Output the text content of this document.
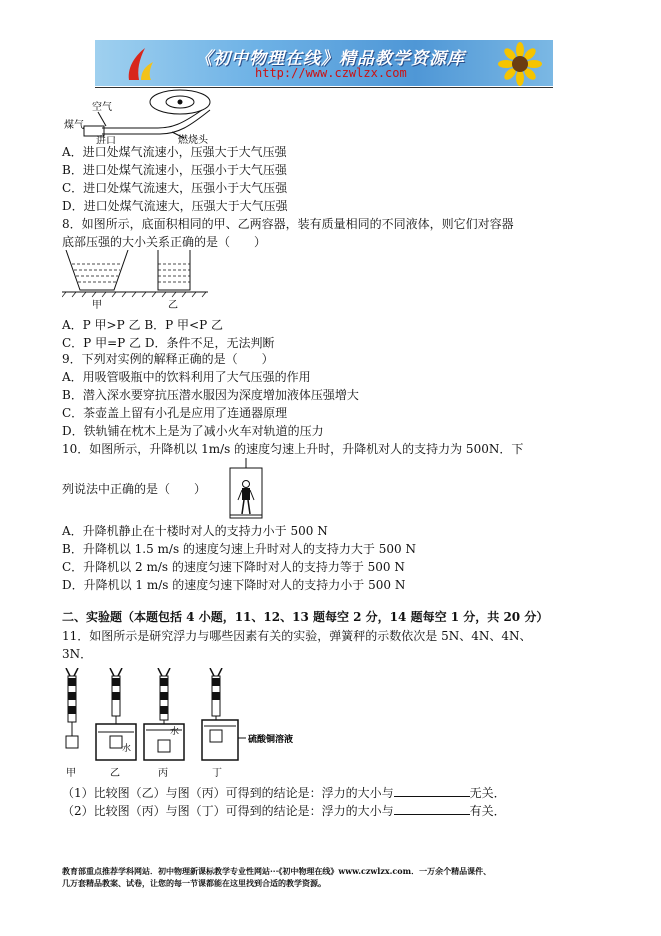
《初中物理在线》精品教学资源库
http://www.czwlzx.com
空气
煤气
进口	燃烧头
A．进口处煤气流速小，压强大于大气压强
B．进口处煤气流速小，压强小于大气压强
C．进口处煤气流速大，压强小于大气压强
D．进口处煤气流速大，压强大于大气压强
8．如图所示，底面积相同的甲、乙两容器，装有质量相同的不同液体，则它们对容器
底部压强的大小关系正确的是（　　）
甲	乙
A．P 甲>P 乙 B．P 甲<P 乙
C．P 甲=P 乙 D．条件不足，无法判断
9．下列对实例的解释正确的是（　　）
A．用吸管吸瓶中的饮料利用了大气压强的作用
B．潜入深水要穿抗压潜水服因为深度增加液体压强增大
C．茶壶盖上留有小孔是应用了连通器原理
D．铁轨铺在枕木上是为了减小火车对轨道的压力
10．如图所示，升降机以 1m/s 的速度匀速上升时，升降机对人的支持力为 500N．下
列说法中正确的是（　　）
A．升降机静止在十楼时对人的支持力小于 500 N
B．升降机以 1.5 m/s 的速度匀速上升时对人的支持力大于 500 N
C．升降机以 2 m/s 的速度匀速下降时对人的支持力等于 500 N
D．升降机以 1 m/s 的速度匀速下降时对人的支持力小于 500 N
二、实验题（本题包括 4 小题，11、12、13 题每空 2 分，14 题每空 1 分，共 20 分）
11．如图所示是研究浮力与哪些因素有关的实验，弹簧秤的示数依次是 5N、4N、4N、
3N．
水
水
硫酸铜溶液
甲	乙	丙	丁
（1）比较图（乙）与图（丙）可得到的结论是：浮力的大小与	无关．
（2）比较图（丙）与图（丁）可得到的结论是：浮力的大小与	有关．
教育部重点推荐学科网站．初中物理新课标教学专业性网站···《初中物理在线》www.czwlzx.com．一万余个精品课件、
几万套精品教案、试卷，让您的每一节课都能在这里找到合适的教学资源。
